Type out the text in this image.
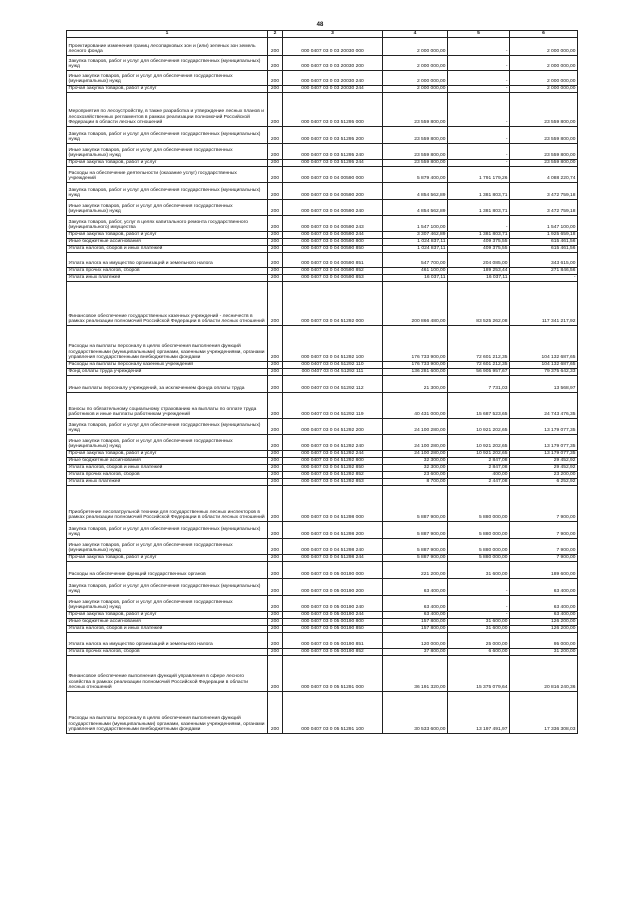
48
1	2	3	4	5	6
Проектирование изменения границ лесопарковых зон и (или) зеленых зон земель лесного фонда	200	000 0407 03 0 03 20030 000	2 000 000,00	-	2 000 000,00
Закупка товаров, работ и услуг для обеспечения государственных (муниципальных) нужд	200	000 0407 03 0 03 20030 200	2 000 000,00	-	2 000 000,00
Иные закупки товаров, работ и услуг для обеспечения государственных (муниципальных) нужд	200	000 0407 03 0 03 20030 240	2 000 000,00	-	2 000 000,00
Прочая закупка товаров, работ и услуг	200	000 0407 03 0 03 20030 244	2 000 000,00	-	2 000 000,00
Мероприятия по лесоустройству, в также разработка и утверждение лесных планов и лесохозяйственных регламентов в рамках реализации полномочий Российской Федерации в области лесных отношений	200	000 0407 03 0 03 51295 000	23 559 800,00	-	23 559 800,00
Закупка товаров, работ и услуг для обеспечения государственных (муниципальных) нужд	200	000 0407 03 0 03 51295 200	23 559 800,00	-	23 559 800,00
Иные закупки товаров, работ и услуг для обеспечения государственных (муниципальных) нужд	200	000 0407 03 0 03 51295 240	23 559 800,00	-	23 559 800,00
Прочая закупка товаров, работ и услуг	200	000 0407 03 0 03 51295 244	23 559 800,00	-	23 559 800,00
Расходы на обеспечение деятельности (оказание услуг) государственных учреждений	200	000 0407 03 0 04 00590 000	5 879 400,00	1 791 179,26	4 088 220,74
Закупка товаров, работ и услуг для обеспечения государственных (муниципальных) нужд	200	000 0407 03 0 04 00590 200	4 854 562,89	1 381 803,71	3 472 759,18
Иные закупки товаров, работ и услуг для обеспечения государственных (муниципальных) нужд	200	000 0407 03 0 04 00590 240	4 854 562,89	1 381 803,71	3 472 759,18
Закупка товаров, работ, услуг в целях капитального ремонта государственного (муниципального) имущества	200	000 0407 03 0 04 00590 243	1 547 100,00	-	1 547 100,00
Прочая закупка товаров, работ и услуг	200	000 0407 03 0 04 00590 244	3 307 462,89	1 381 803,71	1 925 659,18
Иные бюджетные ассигнования	200	000 0407 03 0 04 00590 800	1 024 837,11	409 375,55	615 461,56
Уплата налогов, сборов и иных платежей	200	000 0407 03 0 04 00590 850	1 024 837,11	409 375,55	615 461,56
Уплата налога на имущество организаций и земельного налога	200	000 0407 03 0 04 00590 851	547 700,00	204 085,00	343 615,00
Уплата прочих налогов, сборов	200	000 0407 03 0 04 00590 852	461 100,00	189 253,44	271 846,56
Уплата иных платежей	200	000 0407 03 0 04 00590 853	16 037,11	16 037,11	-
Финансовое обеспечение государственных казенных учреждений - лесничеств в рамках реализации полномочий Российской Федерации в области лесных отношений	200	000 0407 03 0 04 51292 000	200 866 480,00	83 525 262,08	117 341 217,92
Расходы на выплаты персоналу в целях обеспечения выполнения функций государственными (муниципальными) органами, казенными учреждениями, органами управления государственными внебюджетными фондами	200	000 0407 03 0 04 51292 100	176 733 900,00	72 601 212,35	104 132 687,65
Расходы на выплаты персоналу казенных учреждений	200	000 0407 03 0 04 51292 110	176 733 900,00	72 601 212,35	104 132 687,65
Фонд оплаты труда учреждений	200	000 0407 03 0 04 51292 111	136 281 600,00	56 905 957,67	79 375 642,33
Иные выплаты персоналу учреждений, за исключением фонда оплаты труда	200	000 0407 03 0 04 51292 112	21 300,00	7 731,03	13 568,97
Взносы по обязательному социальному страхованию на выплаты по оплате труда работников и иные выплаты работникам учреждений	200	000 0407 03 0 04 51292 119	40 431 000,00	15 687 523,65	24 743 476,35
Закупка товаров, работ и услуг для обеспечения государственных (муниципальных) нужд	200	000 0407 03 0 04 51292 200	24 100 280,00	10 921 202,65	13 179 077,35
Иные закупки товаров, работ и услуг для обеспечения государственных (муниципальных) нужд	200	000 0407 03 0 04 51292 240	24 100 280,00	10 921 202,65	13 179 077,35
Прочая закупка товаров, работ и услуг	200	000 0407 03 0 04 51292 244	24 100 280,00	10 921 202,65	13 179 077,35
Иные бюджетные ассигнования	200	000 0407 03 0 04 51292 800	32 300,00	2 847,08	29 452,92
Уплата налогов, сборов и иных платежей	200	000 0407 03 0 04 51292 850	32 300,00	2 847,08	29 452,92
Уплата прочих налогов, сборов	200	000 0407 03 0 04 51292 852	23 600,00	400,00	23 200,00
Уплата иных платежей	200	000 0407 03 0 04 51292 853	8 700,00	2 447,08	6 252,92
Приобретение лесопатрульной техники для государственных лесных инспекторов в рамках реализации полномочий Российской Федерации в области лесных отношений	200	000 0407 03 0 04 51298 000	5 887 900,00	5 880 000,00	7 900,00
Закупка товаров, работ и услуг для обеспечения государственных (муниципальных) нужд	200	000 0407 03 0 04 51298 200	5 887 900,00	5 880 000,00	7 900,00
Иные закупки товаров, работ и услуг для обеспечения государственных (муниципальных) нужд	200	000 0407 03 0 04 51298 240	5 887 900,00	5 880 000,00	7 900,00
Прочая закупка товаров, работ и услуг	200	000 0407 03 0 04 51298 244	5 887 900,00	5 880 000,00	7 900,00
Расходы на обеспечение функций государственных органов	200	000 0407 03 0 05 00190 000	221 200,00	31 600,00	189 600,00
Закупка товаров, работ и услуг для обеспечения государственных (муниципальных) нужд	200	000 0407 03 0 05 00190 200	63 400,00	-	63 400,00
Иные закупки товаров, работ и услуг для обеспечения государственных (муниципальных) нужд	200	000 0407 03 0 05 00190 240	63 400,00	-	63 400,00
Прочая закупка товаров, работ и услуг	200	000 0407 03 0 05 00190 244	63 400,00	-	63 400,00
Иные бюджетные ассигнования	200	000 0407 03 0 05 00190 800	157 800,00	31 600,00	126 200,00
Уплата налогов, сборов и иных платежей	200	000 0407 03 0 05 00190 850	157 800,00	31 600,00	126 200,00
Уплата налога на имущество организаций и земельного налога	200	000 0407 03 0 05 00190 851	120 000,00	25 000,00	95 000,00
Уплата прочих налогов, сборов	200	000 0407 03 0 05 00190 852	37 800,00	6 600,00	31 200,00
Финансовое обеспечение выполнения функций управления в сфере лесного хозяйства в рамках реализации полномочий Российской Федерации в области лесных отношений	200	000 0407 03 0 05 51291 000	36 191 320,00	15 375 079,64	20 816 240,36
Расходы на выплаты персоналу в целях обеспечения выполнения функций государственными (муниципальными) органами, казенными учреждениями, органами управления государственными внебюджетными фондами	200	000 0407 03 0 05 51291 100	30 533 600,00	13 197 491,97	17 336 308,03
